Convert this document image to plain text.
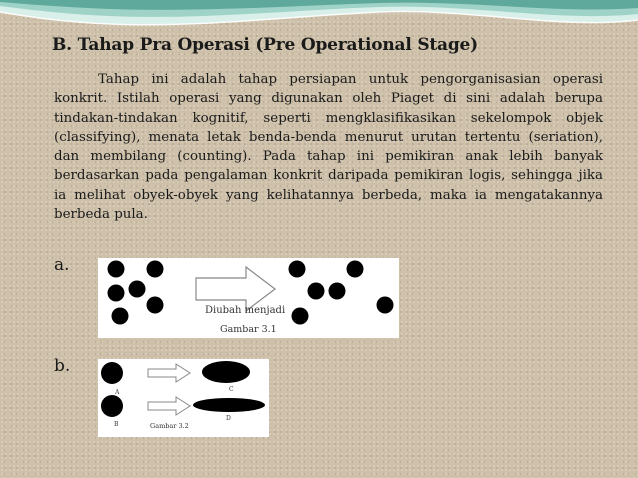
B. Tahap Pra Operasi (Pre Operational Stage)

Tahap ini adalah tahap persiapan untuk pengorganisasian operasi konkrit. Istilah operasi yang digunakan oleh Piaget di sini adalah berupa tindakan-tindakan kognitif, seperti mengklasifikasikan sekelompok objek (classifying), menata letak benda-benda menurut urutan tertentu (seriation), dan membilang (counting). Pada tahap ini pemikiran anak lebih banyak berdasarkan pada pengalaman konkrit daripada pemikiran logis, sehingga jika ia melihat obyek-obyek yang kelihatannya berbeda, maka ia mengatakannya berbeda pula.

a.
b.
Diubah menjadi
Gambar 3.1
A
B
C
D
Gambar 3.2
